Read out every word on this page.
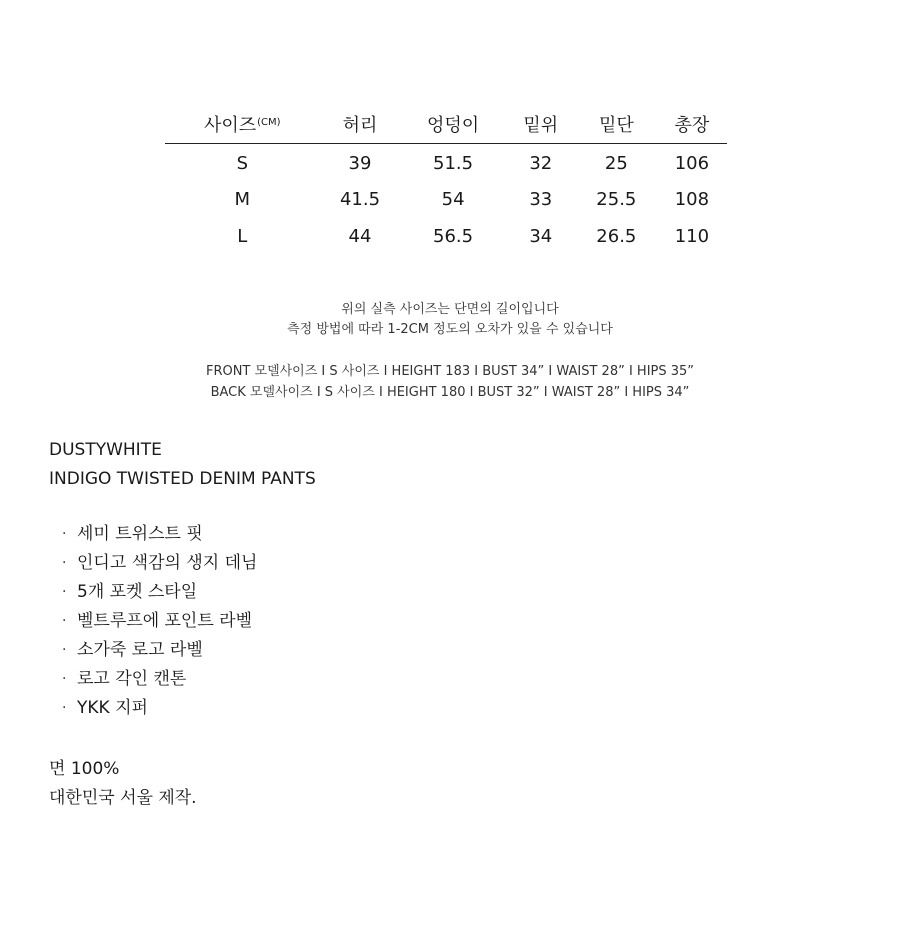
사이즈$^{(CM)}$	허리	엉덩이	밑위	밑단	총장
S	39	51.5	32	25	106
M	41.5	54	33	25.5	108
L	44	56.5	34	26.5	110
위의 실측 사이즈는 단면의 길이입니다
측정 방법에 따라 1-2CM 정도의 오차가 있을 수 있습니다
FRONT 모델사이즈 I S 사이즈 I HEIGHT 183 I BUST 34” I WAIST 28” I HIPS 35”
BACK 모델사이즈 I S 사이즈 I HEIGHT 180 I BUST 32” I WAIST 28” I HIPS 34”
DUSTYWHITE
INDIGO TWISTED DENIM PANTS
· 세미 트위스트 핏
· 인디고 색감의 생지 데님
· 5개 포켓 스타일
· 벨트루프에 포인트 라벨
· 소가죽 로고 라벨
· 로고 각인 캔톤
· YKK 지퍼
면 100%
대한민국 서울 제작.
